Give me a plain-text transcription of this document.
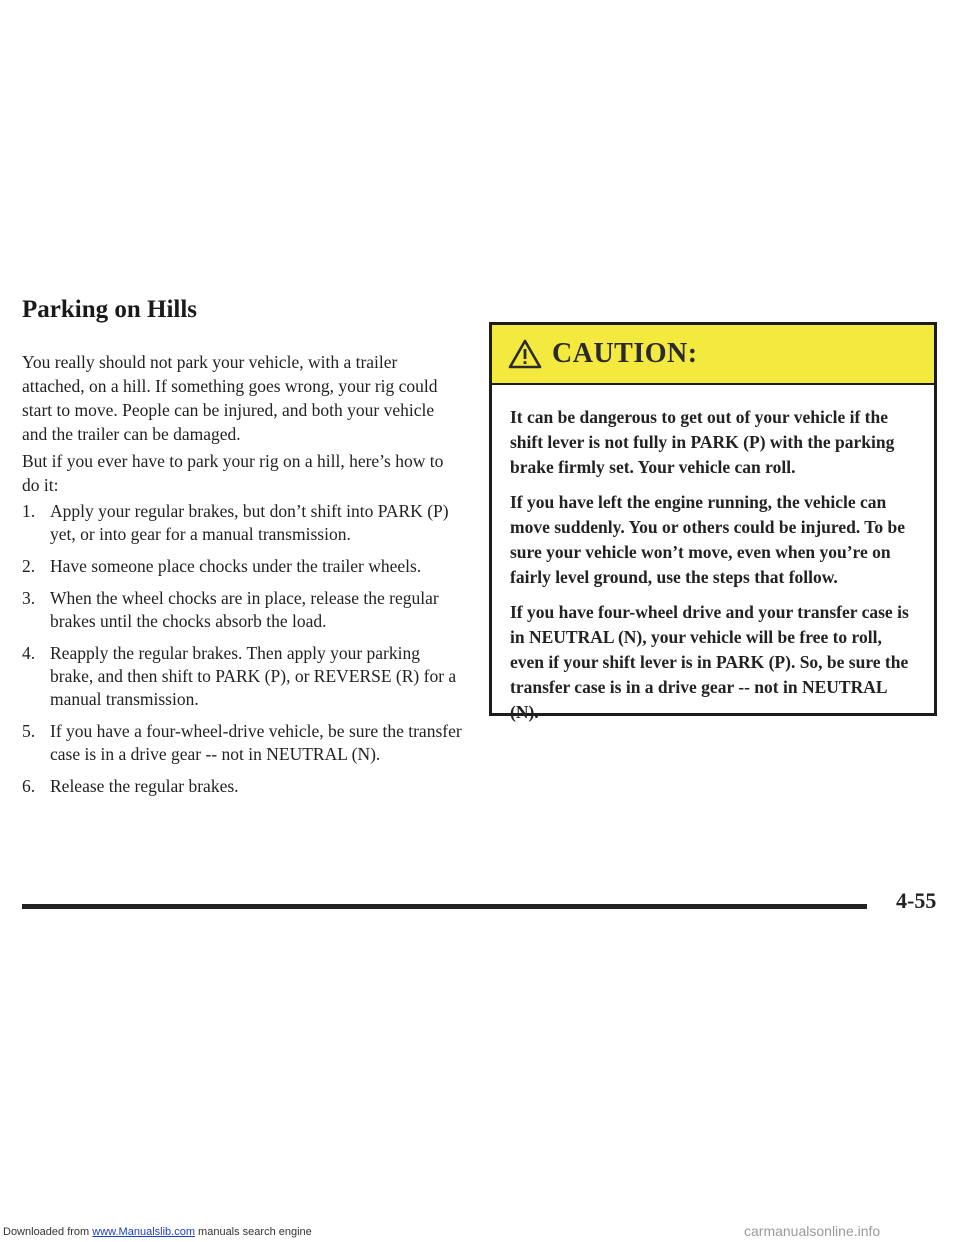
Parking on Hills

You really should not park your vehicle, with a trailer attached, on a hill. If something goes wrong, your rig could start to move. People can be injured, and both your vehicle and the trailer can be damaged.

But if you ever have to park your rig on a hill, here’s how to do it:

1. Apply your regular brakes, but don’t shift into PARK (P) yet, or into gear for a manual transmission.
2. Have someone place chocks under the trailer wheels.
3. When the wheel chocks are in place, release the regular brakes until the chocks absorb the load.
4. Reapply the regular brakes. Then apply your parking brake, and then shift to PARK (P), or REVERSE (R) for a manual transmission.
5. If you have a four-wheel-drive vehicle, be sure the transfer case is in a drive gear -- not in NEUTRAL (N).
6. Release the regular brakes.
CAUTION:

It can be dangerous to get out of your vehicle if the shift lever is not fully in PARK (P) with the parking brake firmly set. Your vehicle can roll.

If you have left the engine running, the vehicle can move suddenly. You or others could be injured. To be sure your vehicle won’t move, even when you’re on fairly level ground, use the steps that follow.

If you have four-wheel drive and your transfer case is in NEUTRAL (N), your vehicle will be free to roll, even if your shift lever is in PARK (P). So, be sure the transfer case is in a drive gear -- not in NEUTRAL (N).

4-55
Downloaded from www.Manualslib.com manuals search engine	carmanualsonline.info
